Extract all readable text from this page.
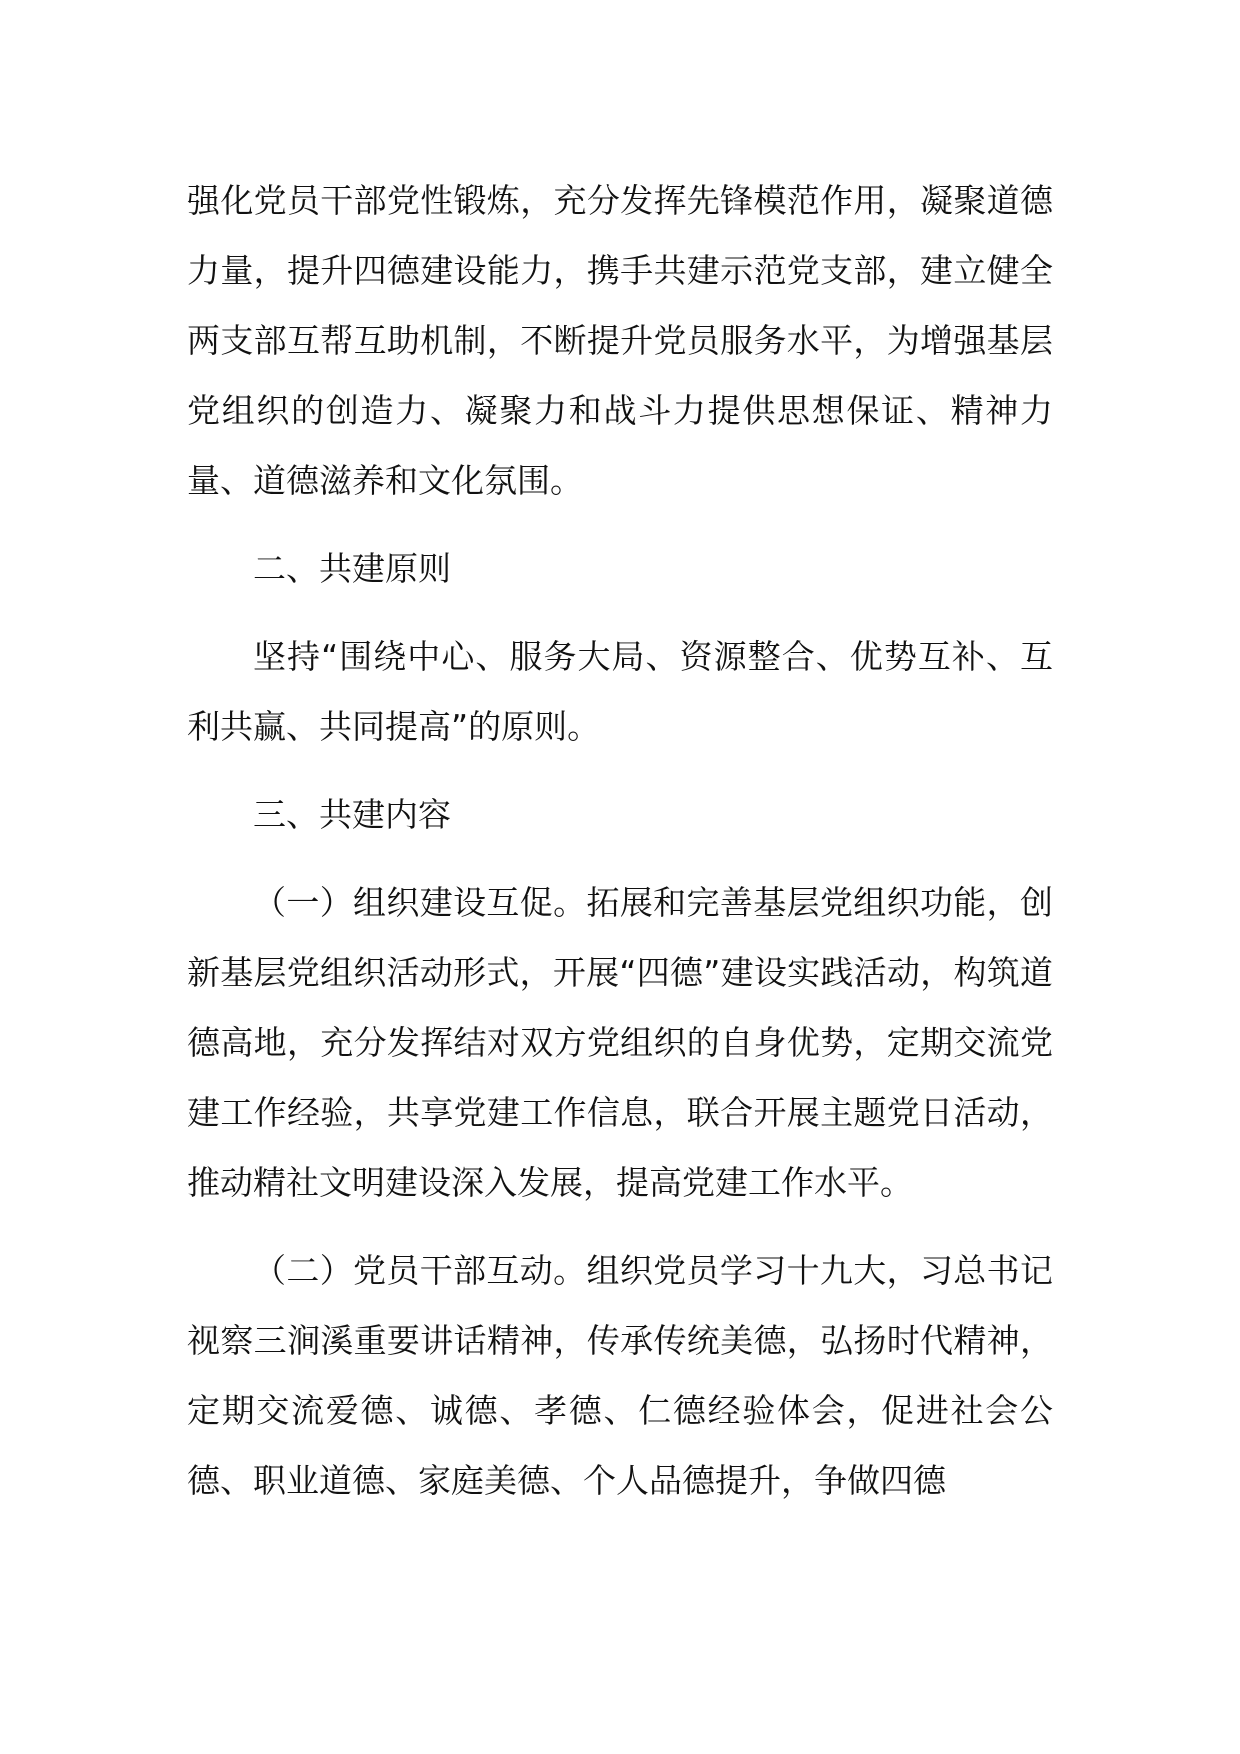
强化党员干部党性锻炼，充分发挥先锋模范作用，凝聚道德力量，提升四德建设能力，携手共建示范党支部，建立健全两支部互帮互助机制，不断提升党员服务水平，为增强基层党组织的创造力、凝聚力和战斗力提供思想保证、精神力量、道德滋养和文化氛围。

二、共建原则

坚持“围绕中心、服务大局、资源整合、优势互补、互利共赢、共同提高”的原则。

三、共建内容

（一）组织建设互促。拓展和完善基层党组织功能，创新基层党组织活动形式，开展“四德”建设实践活动，构筑道德高地，充分发挥结对双方党组织的自身优势，定期交流党建工作经验，共享党建工作信息，联合开展主题党日活动，推动精社文明建设深入发展，提高党建工作水平。

（二）党员干部互动。组织党员学习十九大，习总书记视察三涧溪重要讲话精神，传承传统美德，弘扬时代精神，定期交流爱德、诚德、孝德、仁德经验体会，促进社会公德、职业道德、家庭美德、个人品德提升，争做四德
